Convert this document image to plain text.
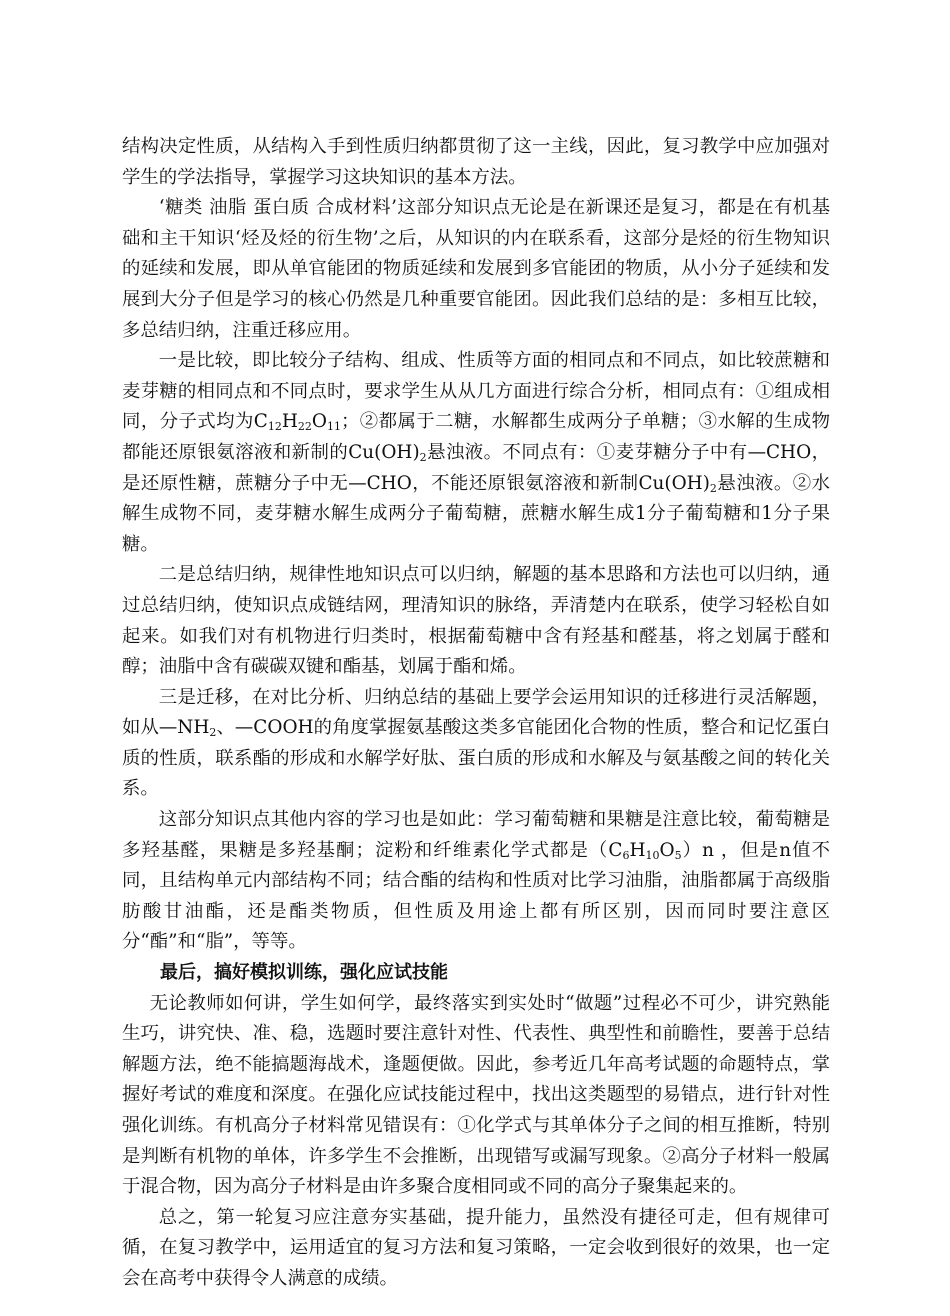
结构决定性质，从结构入手到性质归纳都贯彻了这一主线，因此，复习教学中应加强对学生的学法指导，掌握学习这块知识的基本方法。

‘糖类 油脂 蛋白质 合成材料’这部分知识点无论是在新课还是复习，都是在有机基础和主干知识‘烃及烃的衍生物’之后，从知识的内在联系看，这部分是烃的衍生物知识的延续和发展，即从单官能团的物质延续和发展到多官能团的物质，从小分子延续和发展到大分子但是学习的核心仍然是几种重要官能团。因此我们总结的是：多相互比较，多总结归纳，注重迁移应用。

一是比较，即比较分子结构、组成、性质等方面的相同点和不同点，如比较蔗糖和麦芽糖的相同点和不同点时，要求学生从从几方面进行综合分析，相同点有：①组成相同，分子式均为$C_{12}H_{22}O_{11}$；②都属于二糖，水解都生成两分子单糖；③水解的生成物都能还原银氨溶液和新制的$Cu(OH)_2$悬浊液。不同点有：①麦芽糖分子中有—CHO，是还原性糖，蔗糖分子中无—CHO，不能还原银氨溶液和新制$Cu(OH)_2$悬浊液。②水解生成物不同，麦芽糖水解生成两分子葡萄糖，蔗糖水解生成1分子葡萄糖和1分子果糖。

二是总结归纳，规律性地知识点可以归纳，解题的基本思路和方法也可以归纳，通过总结归纳，使知识点成链结网，理清知识的脉络，弄清楚内在联系，使学习轻松自如起来。如我们对有机物进行归类时，根据葡萄糖中含有羟基和醛基，将之划属于醛和醇；油脂中含有碳碳双键和酯基，划属于酯和烯。

三是迁移，在对比分析、归纳总结的基础上要学会运用知识的迁移进行灵活解题，如从$—NH_2$、—COOH的角度掌握氨基酸这类多官能团化合物的性质，整合和记忆蛋白质的性质，联系酯的形成和水解学好肽、蛋白质的形成和水解及与氨基酸之间的转化关系。

这部分知识点其他内容的学习也是如此：学习葡萄糖和果糖是注意比较，葡萄糖是多羟基醛，果糖是多羟基酮；淀粉和纤维素化学式都是$(C_6H_{10}O_5)n$ ，但是n值不同，且结构单元内部结构不同；结合酯的结构和性质对比学习油脂，油脂都属于高级脂肪酸甘油酯，还是酯类物质，但性质及用途上都有所区别，因而同时要注意区分“酯”和“脂”，等等。

最后，搞好模拟训练，强化应试技能

无论教师如何讲，学生如何学，最终落实到实处时“做题”过程必不可少，讲究熟能生巧，讲究快、准、稳，选题时要注意针对性、代表性、典型性和前瞻性，要善于总结解题方法，绝不能搞题海战术，逢题便做。因此，参考近几年高考试题的命题特点，掌握好考试的难度和深度。在强化应试技能过程中，找出这类题型的易错点，进行针对性强化训练。有机高分子材料常见错误有：①化学式与其单体分子之间的相互推断，特别是判断有机物的单体，许多学生不会推断，出现错写或漏写现象。②高分子材料一般属于混合物，因为高分子材料是由许多聚合度相同或不同的高分子聚集起来的。

总之，第一轮复习应注意夯实基础，提升能力，虽然没有捷径可走，但有规律可循，在复习教学中，运用适宜的复习方法和复习策略，一定会收到很好的效果，也一定会在高考中获得令人满意的成绩。
